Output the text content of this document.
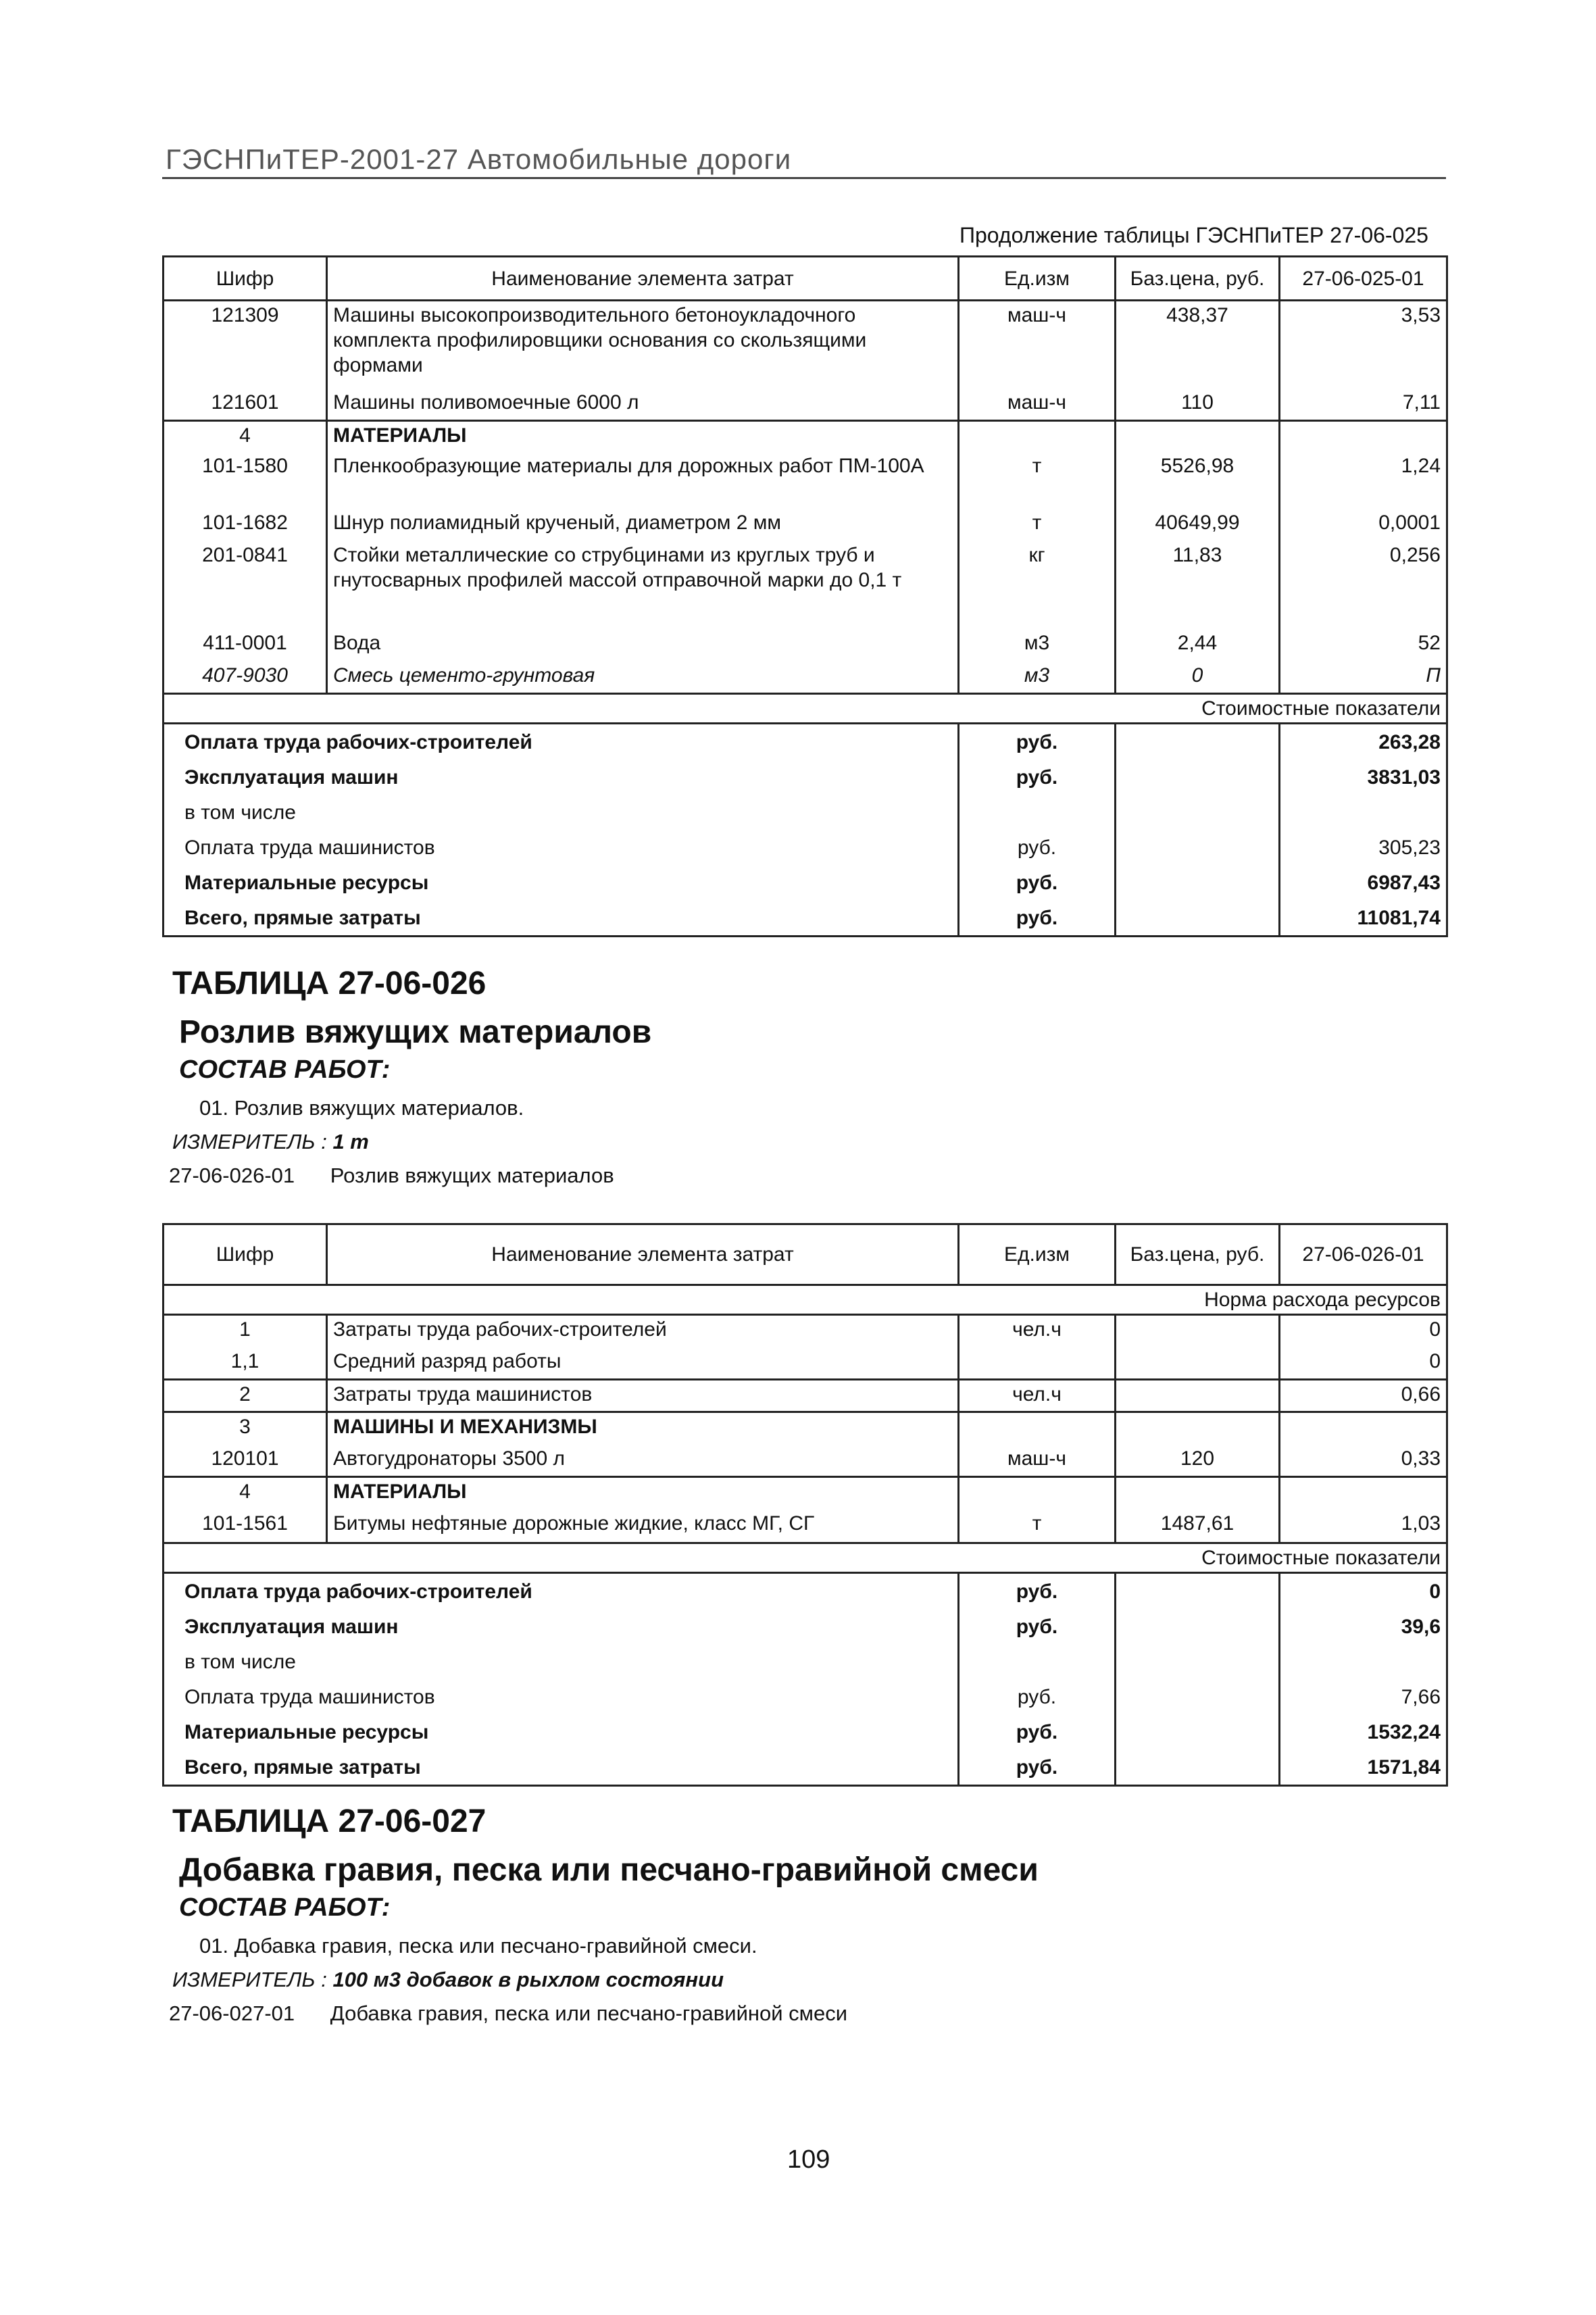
ГЭСНПиТЕР-2001-27 Автомобильные дороги
Продолжение таблицы ГЭСНПиТЕР 27-06-025
Шифр	Наименование элемента затрат	Ед.изм	Баз.цена, руб.	27-06-025-01
121309	Машины высокопроизводительного бетоноукладочного комплекта профилировщики основания со скользящими формами	маш-ч	438,37	3,53
121601	Машины поливомоечные 6000 л	маш-ч	110	7,11
4	МАТЕРИАЛЫ			
101-1580	Пленкообразующие материалы для дорожных работ ПМ-100А	т	5526,98	1,24
101-1682	Шнур полиамидный крученый, диаметром 2 мм	т	40649,99	0,0001
201-0841	Стойки металлические со струбцинами из круглых труб и гнутосварных профилей массой отправочной марки до 0,1 т	кг	11,83	0,256
411-0001	Вода	м3	2,44	52
407-9030	Смесь цементо-грунтовая	м3	0	П
Стоимостные показатели				
Оплата труда рабочих-строителей		руб.		263,28
Эксплуатация машин		руб.		3831,03
в том числе				
Оплата труда машинистов		руб.		305,23
Материальные ресурсы		руб.		6987,43
Всего, прямые затраты		руб.		11081,74
ТАБЛИЦА 27-06-026
Розлив вяжущих материалов
СОСТАВ РАБОТ:
01. Розлив вяжущих материалов.
ИЗМЕРИТЕЛЬ : 1 т
27-06-026-01 Розлив вяжущих материалов
Шифр	Наименование элемента затрат	Ед.изм	Баз.цена, руб.	27-06-026-01
Норма расхода ресурсов				
1	Затраты труда рабочих-строителей	чел.ч		0
1,1	Средний разряд работы			0
2	Затраты труда машинистов	чел.ч		0,66
3	МАШИНЫ И МЕХАНИЗМЫ			
120101	Автогудронаторы 3500 л	маш-ч	120	0,33
4	МАТЕРИАЛЫ			
101-1561	Битумы нефтяные дорожные жидкие, класс МГ, СГ	т	1487,61	1,03
Стоимостные показатели				
Оплата труда рабочих-строителей		руб.		0
Эксплуатация машин		руб.		39,6
в том числе				
Оплата труда машинистов		руб.		7,66
Материальные ресурсы		руб.		1532,24
Всего, прямые затраты		руб.		1571,84
ТАБЛИЦА 27-06-027
Добавка гравия, песка или песчано-гравийной смеси
СОСТАВ РАБОТ:
01. Добавка гравия, песка или песчано-гравийной смеси.
ИЗМЕРИТЕЛЬ : 100 м3 добавок в рыхлом состоянии
27-06-027-01 Добавка гравия, песка или песчано-гравийной смеси
109
